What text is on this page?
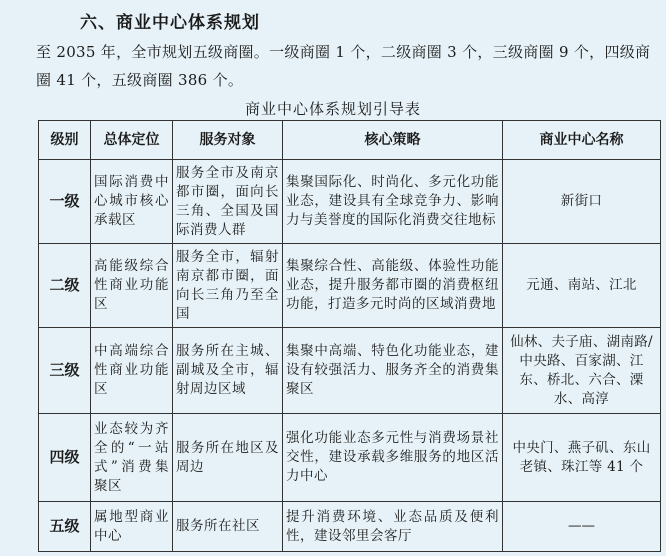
六、商业中心体系规划
至 2035 年，全市规划五级商圈。一级商圈 1 个，二级商圈 3 个，三级商圈 9 个，四级商圈 41 个，五级商圈 386 个。
商业中心体系规划引导表
级别	总体定位	服务对象	核心策略	商业中心名称
一级	国际消费中心城市核心承载区	服务全市及南京都市圈，面向长三角、全国及国际消费人群	集聚国际化、时尚化、多元化功能业态，建设具有全球竞争力、影响力与美誉度的国际化消费交往地标	新街口
二级	高能级综合性商业功能区	服务全市，辐射南京都市圈，面向长三角乃至全国	集聚综合性、高能级、体验性功能业态，提升服务都市圈的消费枢纽功能，打造多元时尚的区域消费地	元通、南站、江北
三级	中高端综合性商业功能区	服务所在主城、副城及全市，辐射周边区域	集聚中高端、特色化功能业态，建设有较强活力、服务齐全的消费集聚区	仙林、夫子庙、湖南路/中央路、百家湖、江东、桥北、六合、溧水、高淳
四级	业态较为齐全的“一站式”消费集聚区	服务所在地区及周边	强化功能业态多元性与消费场景社交性，建设承载多维服务的地区活力中心	中央门、燕子矶、东山老镇、珠江等 41 个
五级	属地型商业中心	服务所在社区	提升消费环境、业态品质及便利性，建设邻里会客厅	——
